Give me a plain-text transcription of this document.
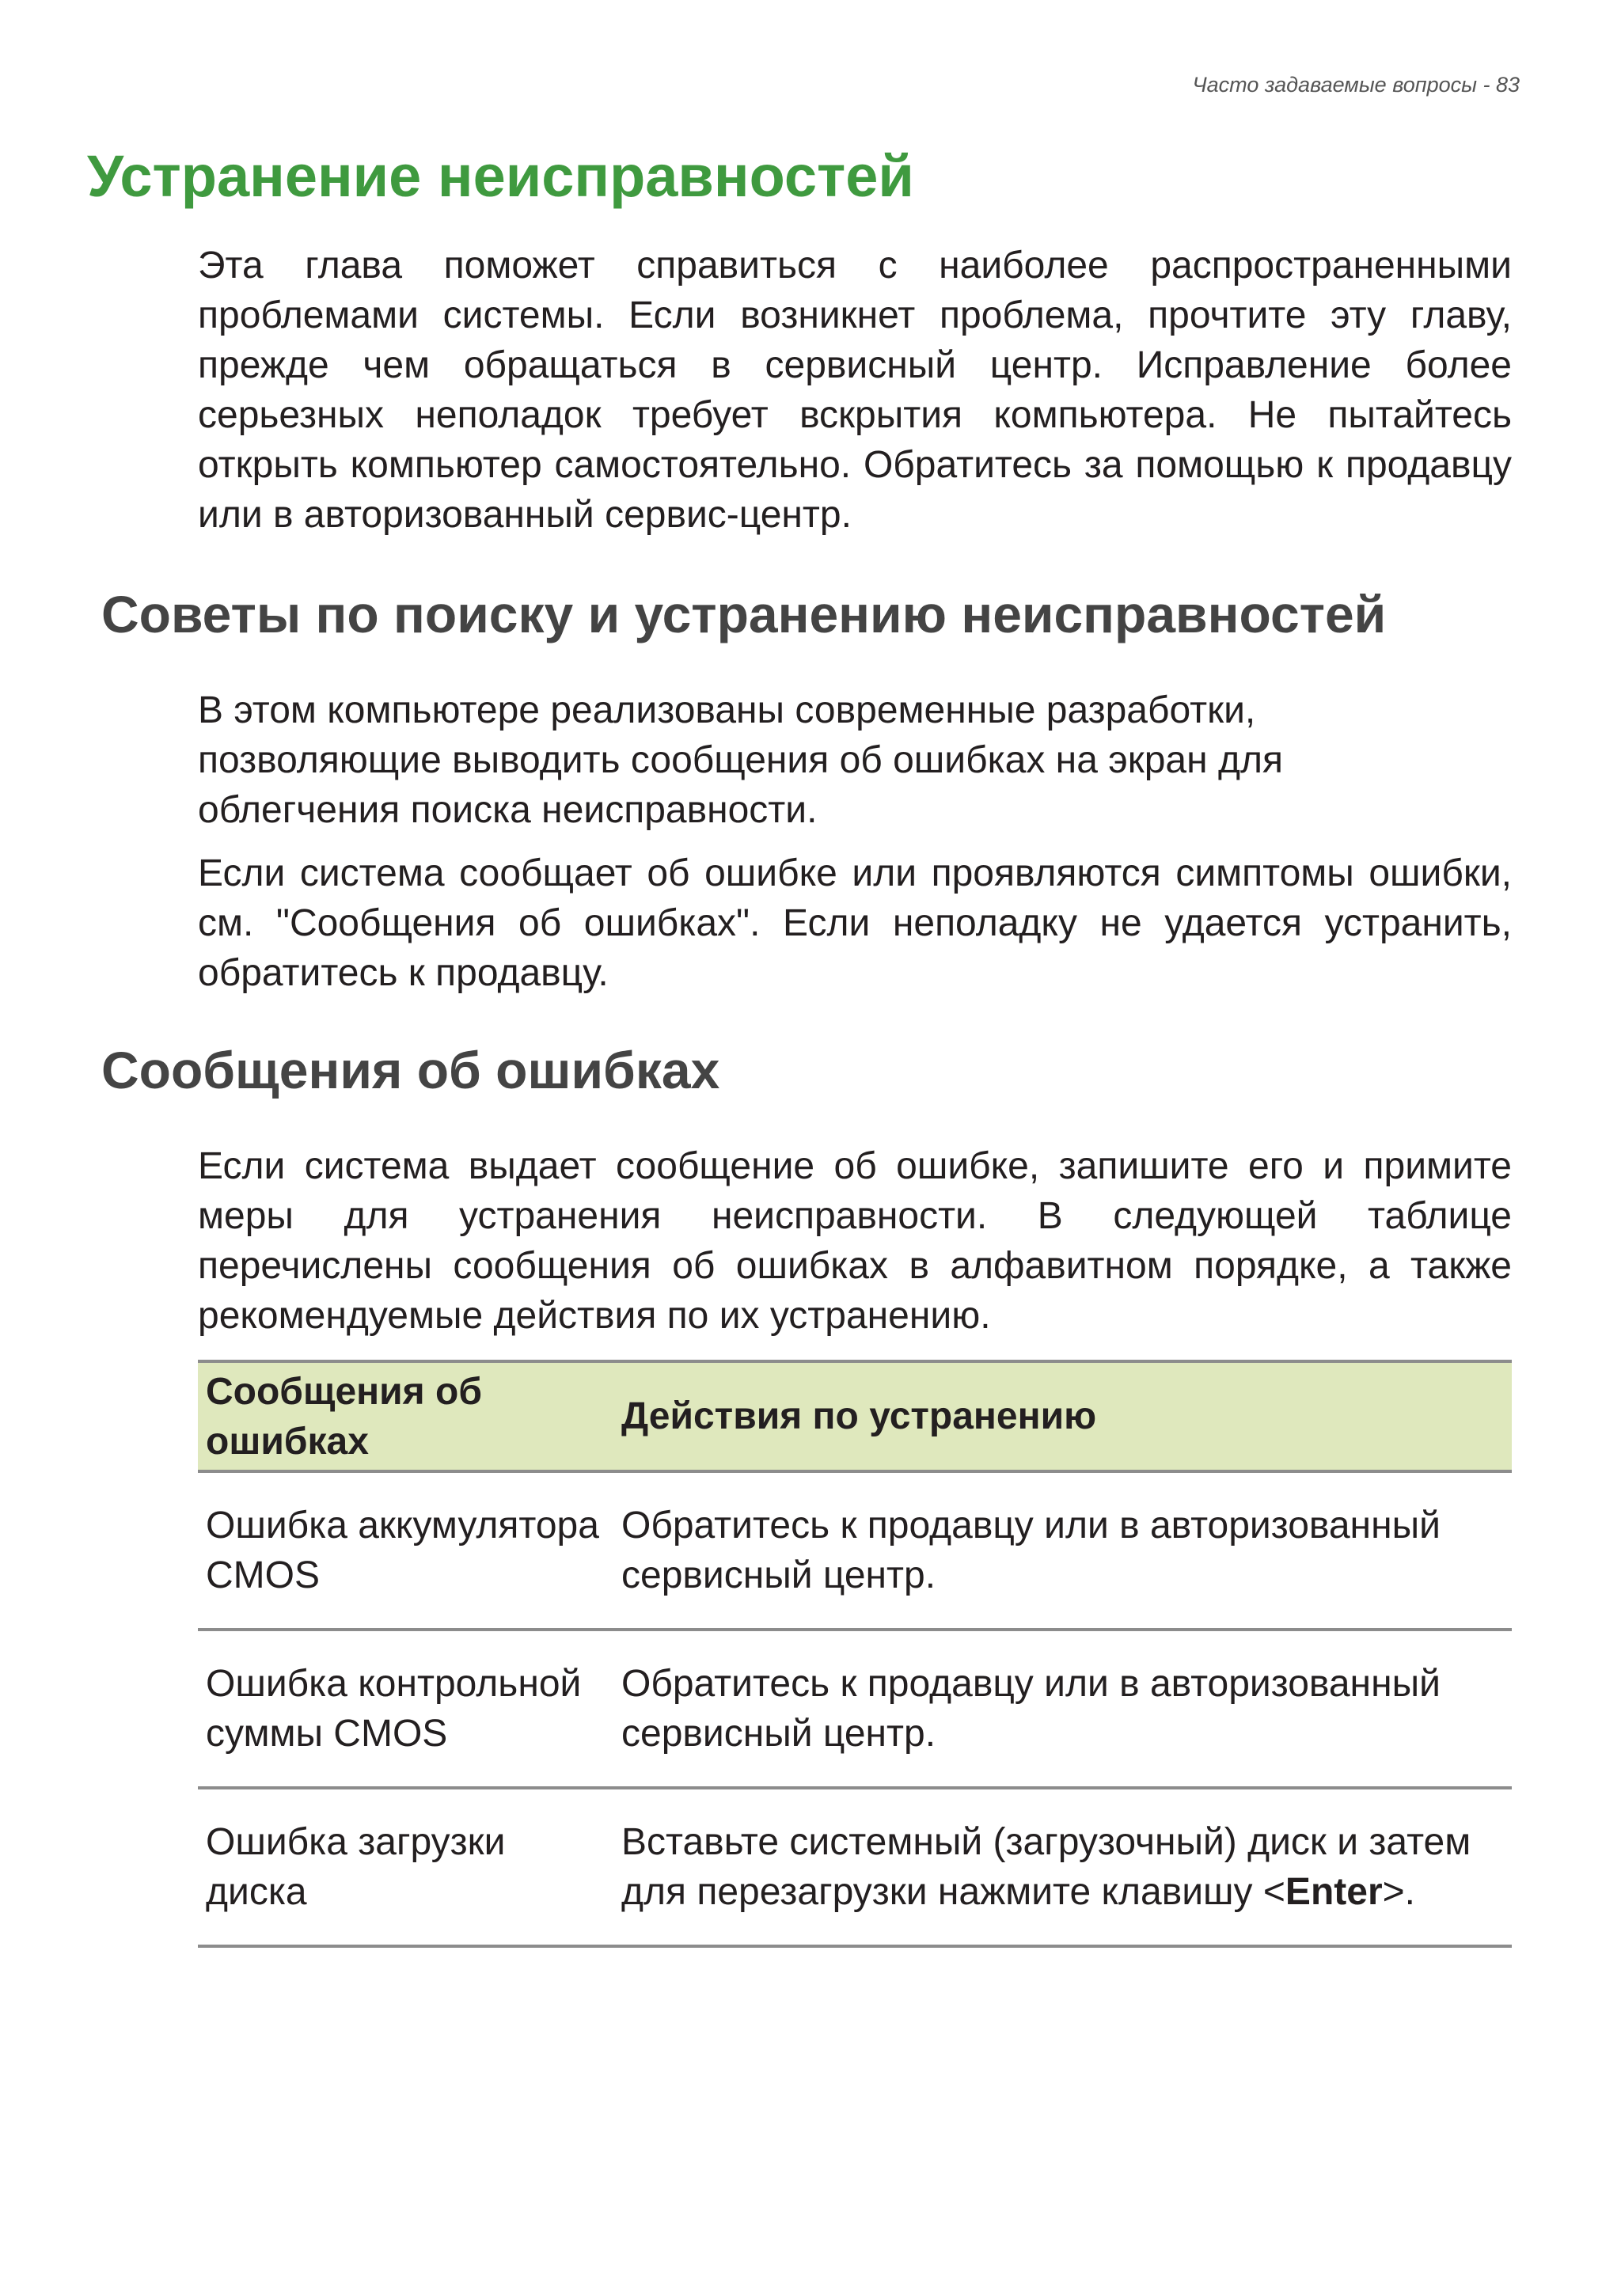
Часто задаваемые вопросы - 83
Устранение неисправностей

Эта глава поможет справиться с наиболее распространенными проблемами системы. Если возникнет проблема, прочтите эту главу, прежде чем обращаться в сервисный центр. Исправление более серьезных неполадок требует вскрытия компьютера. Не пытайтесь открыть компьютер самостоятельно. Обратитесь за помощью к продавцу или в авторизованный сервис-центр.

Советы по поиску и устранению неисправностей

В этом компьютере реализованы современные разработки, позволяющие выводить сообщения об ошибках на экран для облегчения поиска неисправности.

Если система сообщает об ошибке или проявляются симптомы ошибки, см. "Сообщения об ошибках". Если неполадку не удается устранить, обратитесь к продавцу.

Сообщения об ошибках

Если система выдает сообщение об ошибке, запишите его и примите меры для устранения неисправности. В следующей таблице перечислены сообщения об ошибках в алфавитном порядке, а также рекомендуемые действия по их устранению.

Сообщения об ошибках	Действия по устранению
Ошибка аккумулятора CMOS	Обратитесь к продавцу или в авторизованный сервисный центр.
Ошибка контрольной суммы CMOS	Обратитесь к продавцу или в авторизованный сервисный центр.
Ошибка загрузки диска	Вставьте системный (загрузочный) диск и затем для перезагрузки нажмите клавишу <Enter>.
